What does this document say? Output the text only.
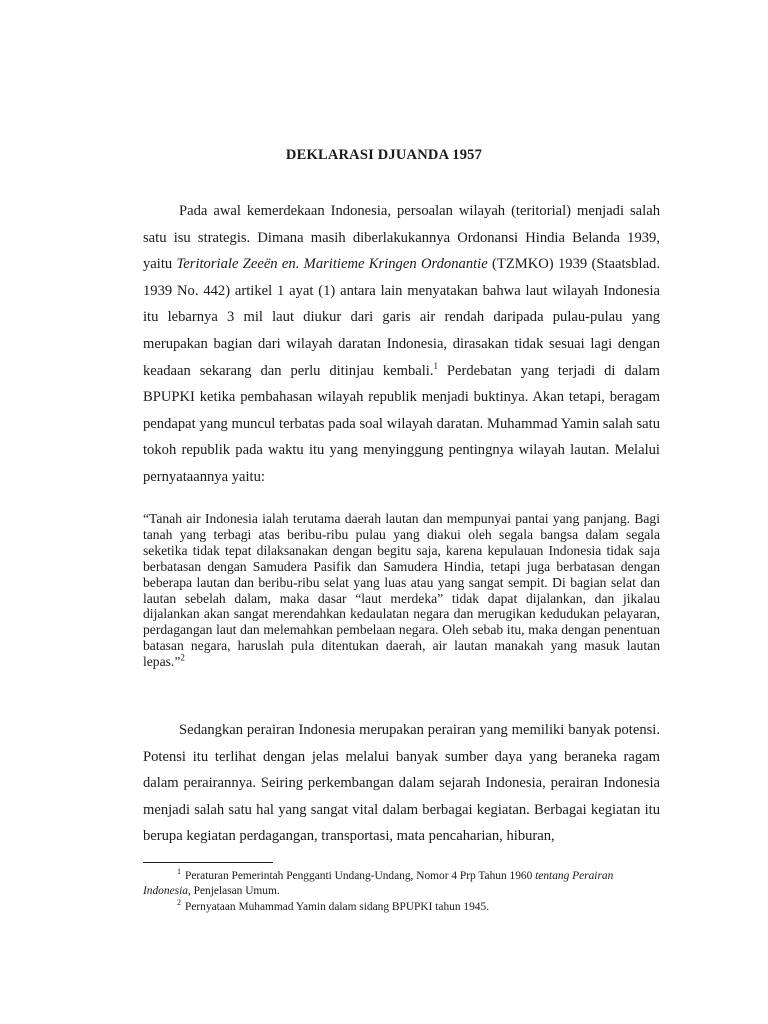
DEKLARASI DJUANDA 1957

Pada awal kemerdekaan Indonesia, persoalan wilayah (teritorial) menjadi salah satu isu strategis. Dimana masih diberlakukannya Ordonansi Hindia Belanda 1939, yaitu Teritoriale Zeeën en. Maritieme Kringen Ordonantie (TZMKO) 1939 (Staatsblad. 1939 No. 442) artikel 1 ayat (1) antara lain menyatakan bahwa laut wilayah Indonesia itu lebarnya 3 mil laut diukur dari garis air rendah daripada pulau-pulau yang merupakan bagian dari wilayah daratan Indonesia, dirasakan tidak sesuai lagi dengan keadaan sekarang dan perlu ditinjau kembali.$^1$ Perdebatan yang terjadi di dalam BPUPKI ketika pembahasan wilayah republik menjadi buktinya. Akan tetapi, beragam pendapat yang muncul terbatas pada soal wilayah daratan. Muhammad Yamin salah satu tokoh republik pada waktu itu yang menyinggung pentingnya wilayah lautan. Melalui pernyataannya yaitu:

“Tanah air Indonesia ialah terutama daerah lautan dan mempunyai pantai yang panjang. Bagi tanah yang terbagi atas beribu-ribu pulau yang diakui oleh segala bangsa dalam segala seketika tidak tepat dilaksanakan dengan begitu saja, karena kepulauan Indonesia tidak saja berbatasan dengan Samudera Pasifik dan Samudera Hindia, tetapi juga berbatasan dengan beberapa lautan dan beribu-ribu selat yang luas atau yang sangat sempit. Di bagian selat dan lautan sebelah dalam, maka dasar “laut merdeka” tidak dapat dijalankan, dan jikalau dijalankan akan sangat merendahkan kedaulatan negara dan merugikan kedudukan pelayaran, perdagangan laut dan melemahkan pembelaan negara. Oleh sebab itu, maka dengan penentuan batasan negara, haruslah pula ditentukan daerah, air lautan manakah yang masuk lautan lepas.”$^2$

Sedangkan perairan Indonesia merupakan perairan yang memiliki banyak potensi. Potensi itu terlihat dengan jelas melalui banyak sumber daya yang beraneka ragam dalam perairannya. Seiring perkembangan dalam sejarah Indonesia, perairan Indonesia menjadi salah satu hal yang sangat vital dalam berbagai kegiatan. Berbagai kegiatan itu berupa kegiatan perdagangan, transportasi, mata pencaharian, hiburan,

$^1$ Peraturan Pemerintah Pengganti Undang-Undang, Nomor 4 Prp Tahun 1960 tentang Perairan Indonesia, Penjelasan Umum.

$^2$ Pernyataan Muhammad Yamin dalam sidang BPUPKI tahun 1945.
